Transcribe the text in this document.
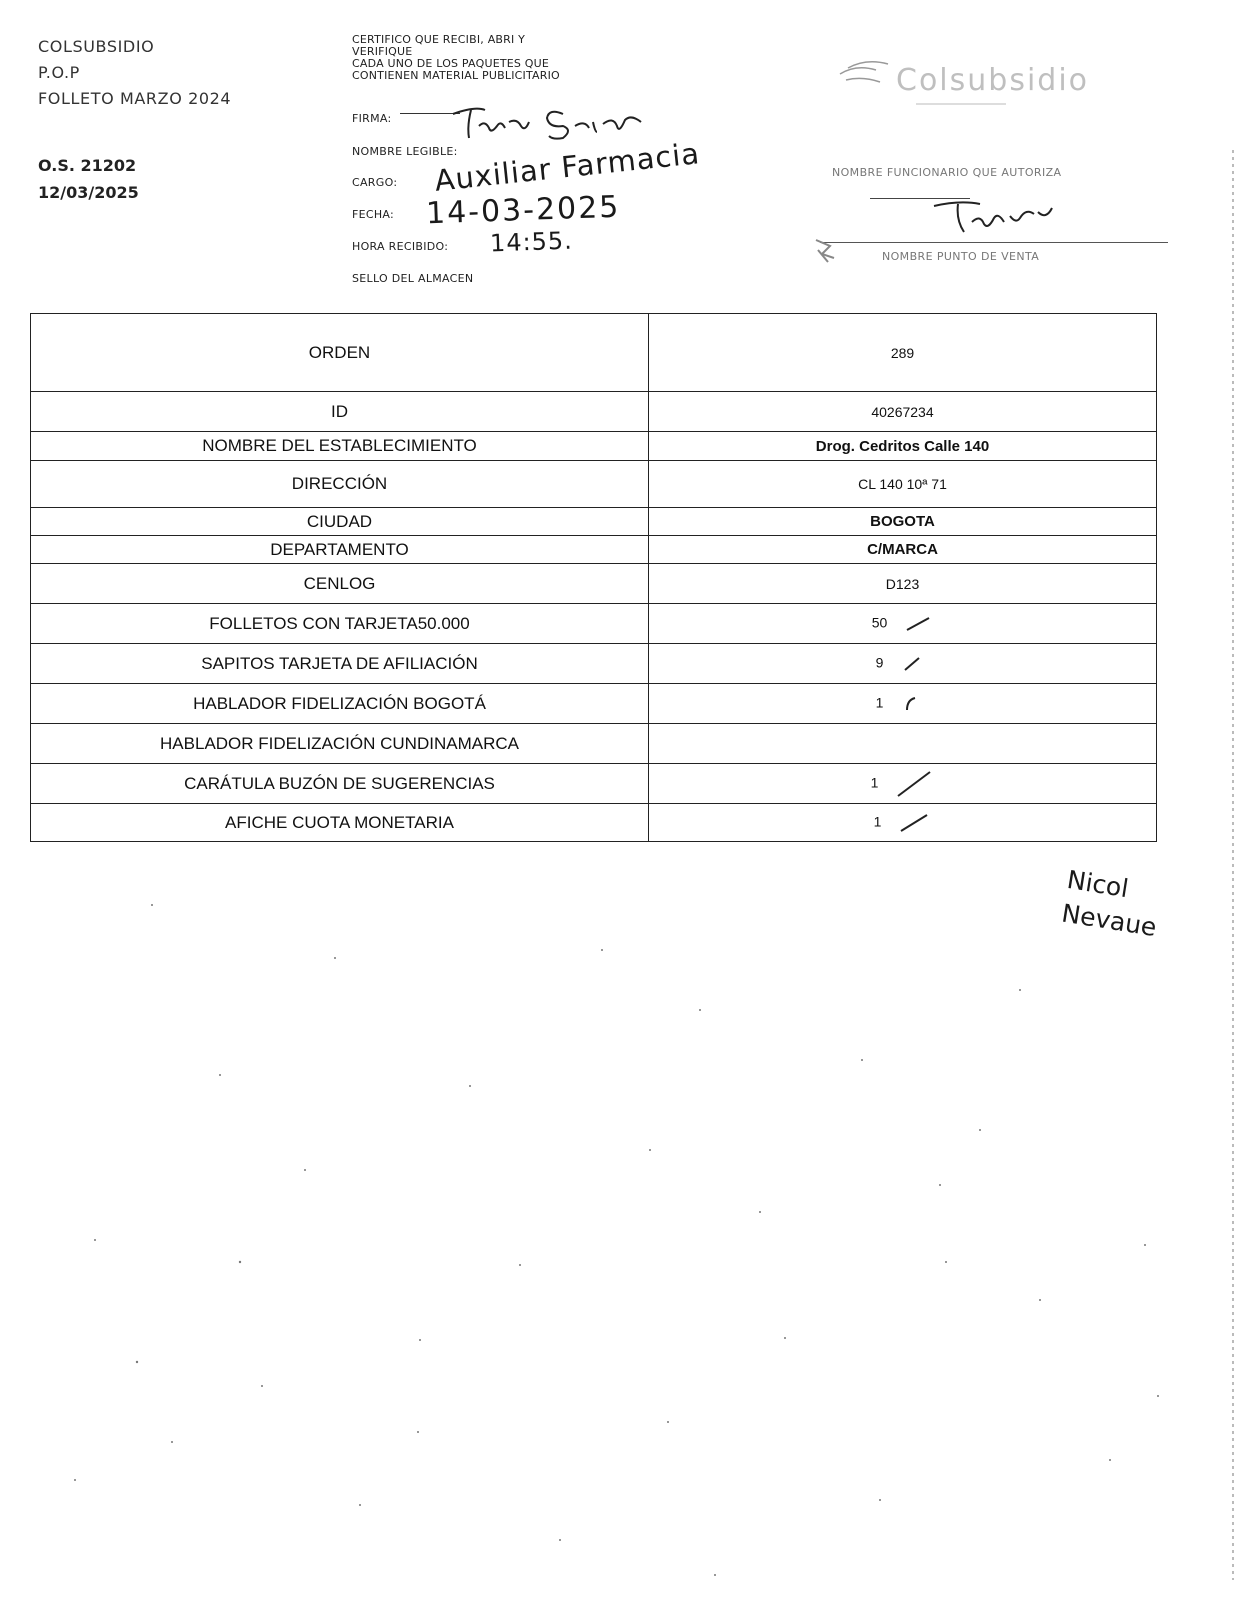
COLSUBSIDIO
P.O.P
FOLLETO MARZO 2024
O.S. 21202
12/03/2025
CERTIFICO QUE RECIBI, ABRI Y
VERIFIQUE
CADA UNO DE LOS PAQUETES QUE
CONTIENEN MATERIAL PUBLICITARIO
FIRMA:
NOMBRE LEGIBLE:
CARGO: Auxiliar Farmacia
FECHA: 14-03-2025
HORA RECIBIDO: 14:55.
SELLO DEL ALMACEN
Colsubsidio
NOMBRE FUNCIONARIO QUE AUTORIZA
NOMBRE PUNTO DE VENTA
ORDEN	289
ID	40267234
NOMBRE DEL ESTABLECIMIENTO	Drog. Cedritos Calle 140
DIRECCIÓN	CL 140 10ª 71
CIUDAD	BOGOTA
DEPARTAMENTO	C/MARCA
CENLOG	D123
FOLLETOS CON TARJETA50.000	50
SAPITOS TARJETA DE AFILIACIÓN	9
HABLADOR FIDELIZACIÓN BOGOTÁ	1
HABLADOR FIDELIZACIÓN CUNDINAMARCA	
CARÁTULA BUZÓN DE SUGERENCIAS	1
AFICHE CUOTA MONETARIA	1
Nicol
Nevaue
